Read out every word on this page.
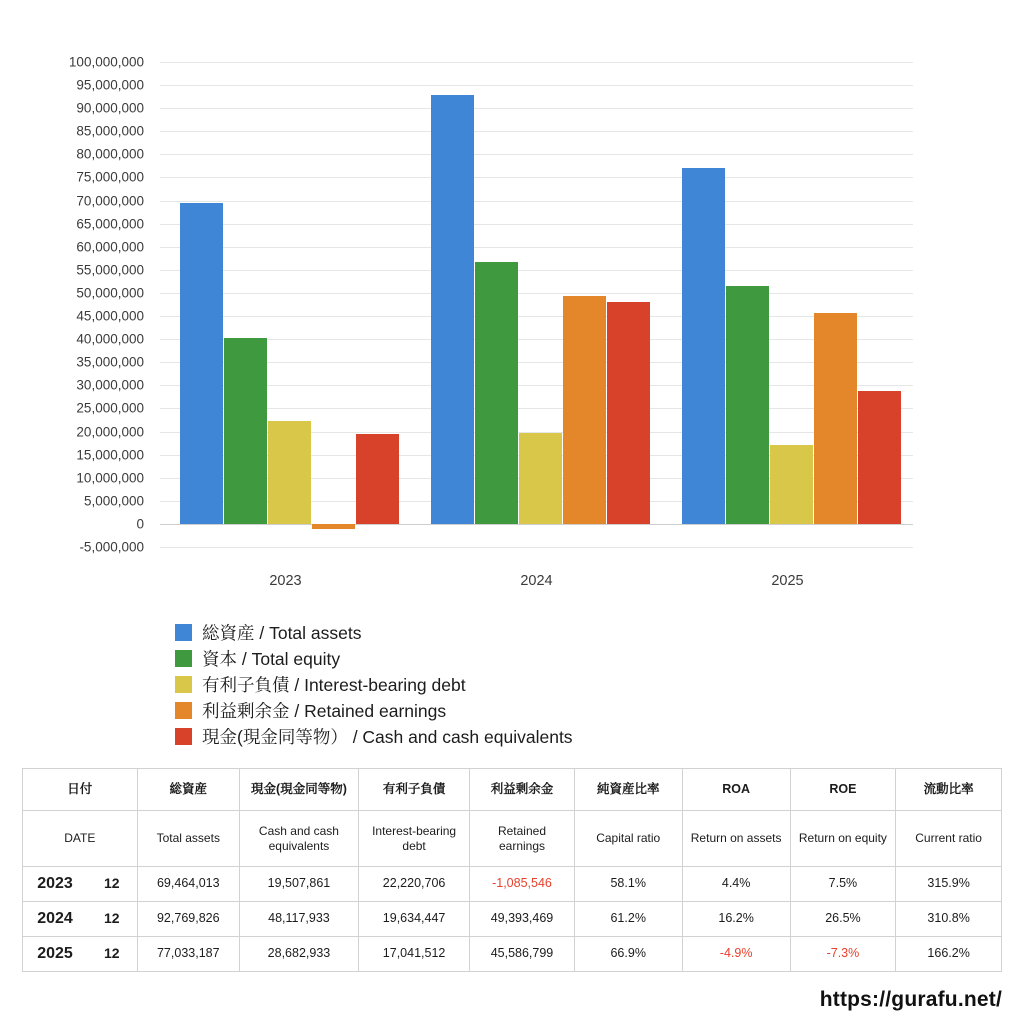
100,000,000
95,000,000
90,000,000
85,000,000
80,000,000
75,000,000
70,000,000
65,000,000
60,000,000
55,000,000
50,000,000
45,000,000
40,000,000
35,000,000
30,000,000
25,000,000
20,000,000
15,000,000
10,000,000
5,000,000
0
-5,000,000
2023	2024	2025
総資産 / Total assets
資本 / Total equity
有利子負債 / Interest-bearing debt
利益剰余金 / Retained earnings
現金(現金同等物） / Cash and cash equivalents
日付		総資産	現金(現金同等物)	有利子負債	利益剰余金	純資産比率	ROA	ROE	流動比率
DATE		Total assets	Cash and cash equivalents	Interest-bearing debt	Retained earnings	Capital ratio	Return on assets	Return on equity	Current ratio
2023	12	69,464,013	19,507,861	22,220,706	-1,085,546	58.1%	4.4%	7.5%	315.9%
2024	12	92,769,826	48,117,933	19,634,447	49,393,469	61.2%	16.2%	26.5%	310.8%
2025	12	77,033,187	28,682,933	17,041,512	45,586,799	66.9%	-4.9%	-7.3%	166.2%
https://gurafu.net/
